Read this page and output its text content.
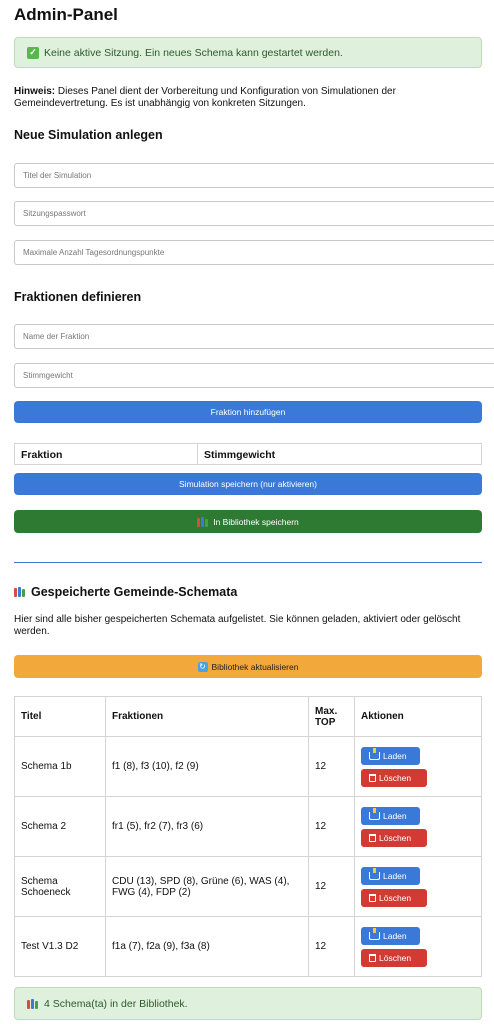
Admin-Panel
✓ Keine aktive Sitzung. Ein neues Schema kann gestartet werden.
Hinweis: Dieses Panel dient der Vorbereitung und Konfiguration von Simulationen der Gemeindevertretung. Es ist unabhängig von konkreten Sitzungen.
Neue Simulation anlegen
Titel der Simulation
Sitzungspasswort
Maximale Anzahl Tagesordnungspunkte
Fraktionen definieren
Name der Fraktion
Stimmgewicht
Fraktion hinzufügen
Fraktion	Stimmgewicht
Simulation speichern (nur aktivieren)
In Bibliothek speichern
Gespeicherte Gemeinde-Schemata
Hier sind alle bisher gespeicherten Schemata aufgelistet. Sie können geladen, aktiviert oder gelöscht werden.
↻ Bibliothek aktualisieren
Titel	Fraktionen	Max. TOP	Aktionen
Schema 1b	f1 (8), f3 (10), f2 (9)	12	Laden
Löschen

Schema 2	fr1 (5), fr2 (7), fr3 (6)	12	Laden
Löschen

Schema Schoeneck	CDU (13), SPD (8), Grüne (6), WAS (4), FWG (4), FDP (2)	12	Laden
Löschen

Test V1.3 D2	f1a (7), f2a (9), f3a (8)	12	Laden
Löschen
4 Schema(ta) in der Bibliothek.
